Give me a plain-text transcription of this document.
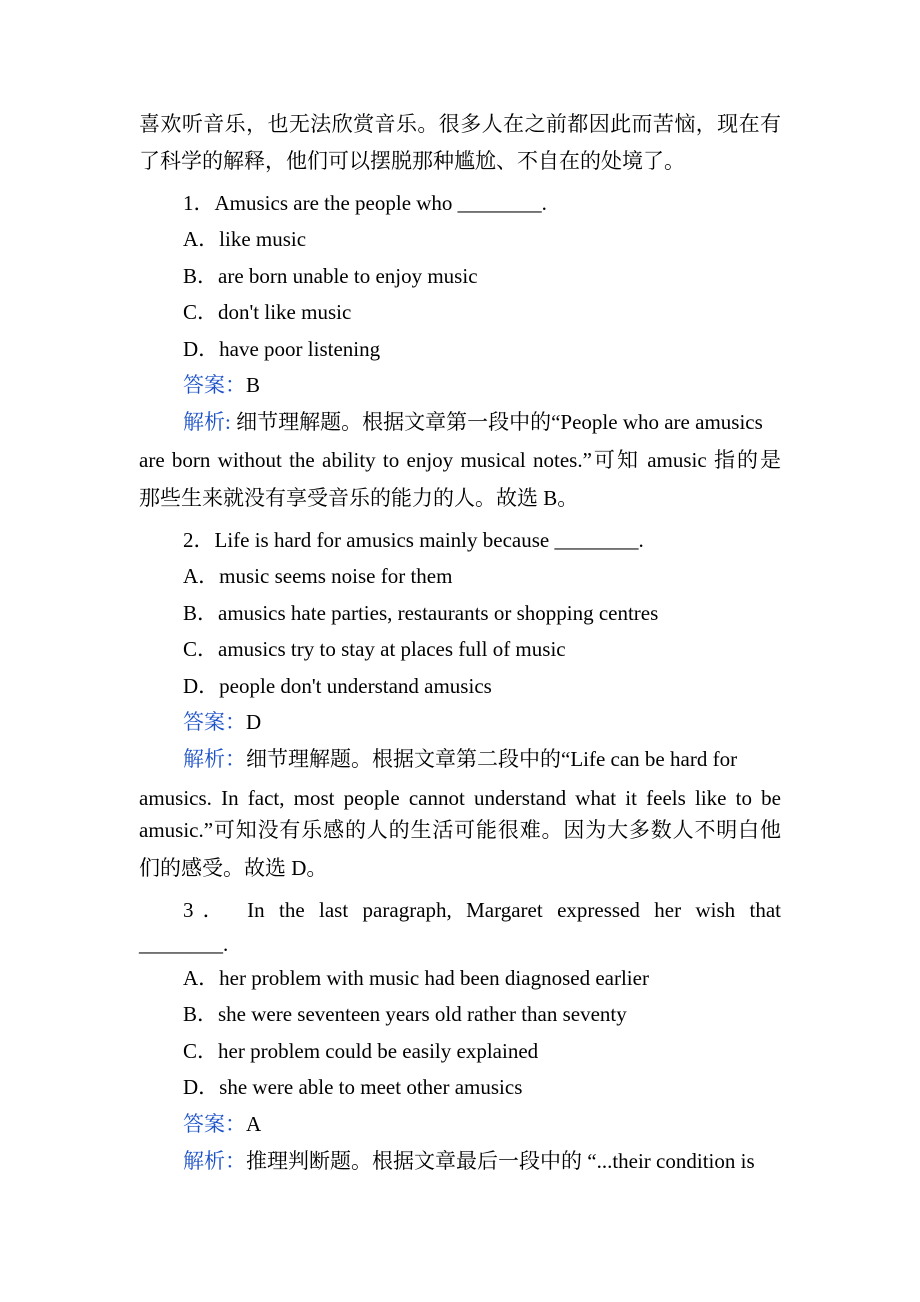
喜欢听音乐，也无法欣赏音乐。很多人在之前都因此而苦恼，现在有
了科学的解释，他们可以摆脱那种尴尬、不自在的处境了。
1．Amusics are the people who ________.
A．like music
B．are born unable to enjoy music
C．don't like music
D．have poor listening
答案：B
解析: 细节理解题。根据文章第一段中的“People who are amusics
are born without the ability to enjoy musical notes.”可知 amusic 指的是
那些生来就没有享受音乐的能力的人。故选 B。
2．Life is hard for amusics mainly because ________.
A．music seems noise for them
B．amusics hate parties, restaurants or shopping centres
C．amusics try to stay at places full of music
D．people don't understand amusics
答案：D
解析：细节理解题。根据文章第二段中的“Life can be hard for
amusics. In fact, most people cannot understand what it feels like to be
amusic.”可知没有乐感的人的生活可能很难。因为大多数人不明白他
们的感受。故选 D。
3． In the last paragraph, Margaret expressed her wish that
________.
A．her problem with music had been diagnosed earlier
B．she were seventeen years old rather than seventy
C．her problem could be easily explained
D．she were able to meet other amusics
答案：A
解析：推理判断题。根据文章最后一段中的 “...their condition is
